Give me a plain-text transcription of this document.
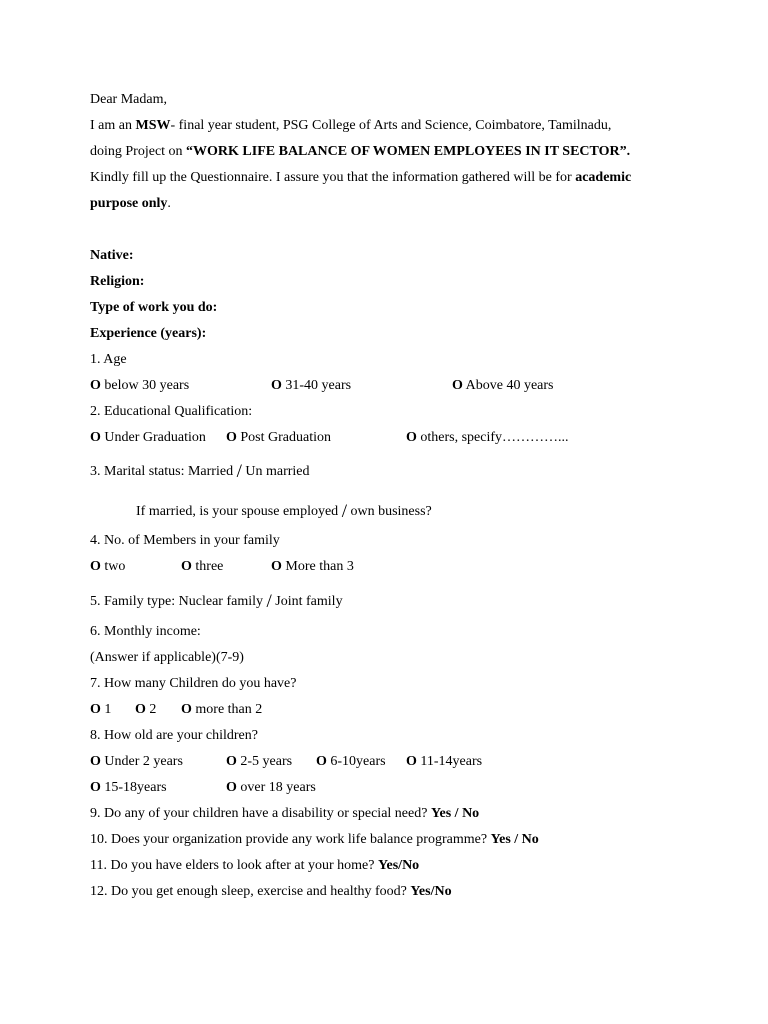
Dear Madam,
I am an MSW- final year student, PSG College of Arts and Science, Coimbatore, Tamilnadu,
doing Project on “WORK LIFE BALANCE OF WOMEN EMPLOYEES IN IT SECTOR”.
Kindly fill up the Questionnaire. I assure you that the information gathered will be for academic
purpose only.
Native:
Religion:
Type of work you do:
Experience (years):
1. Age
O below 30 years	O 31-40 years	O Above 40 years
2. Educational Qualification:
O Under Graduation O Post Graduation	O others, specify…………...
3. Marital status: Married / Un married
If married, is your spouse employed / own business?
4. No. of Members in your family
O two	O three	O More than 3
5. Family type: Nuclear family / Joint family
6. Monthly income:
(Answer if applicable)(7-9)
7. How many Children do you have?
O 1 O 2 O more than 2
8. How old are your children?
O Under 2 years	O 2-5 years O 6-10years O 11-14years
O 15-18years	O over 18 years
9. Do any of your children have a disability or special need? Yes / No
10. Does your organization provide any work life balance programme? Yes / No
11. Do you have elders to look after at your home? Yes/No
12. Do you get enough sleep, exercise and healthy food? Yes/No
